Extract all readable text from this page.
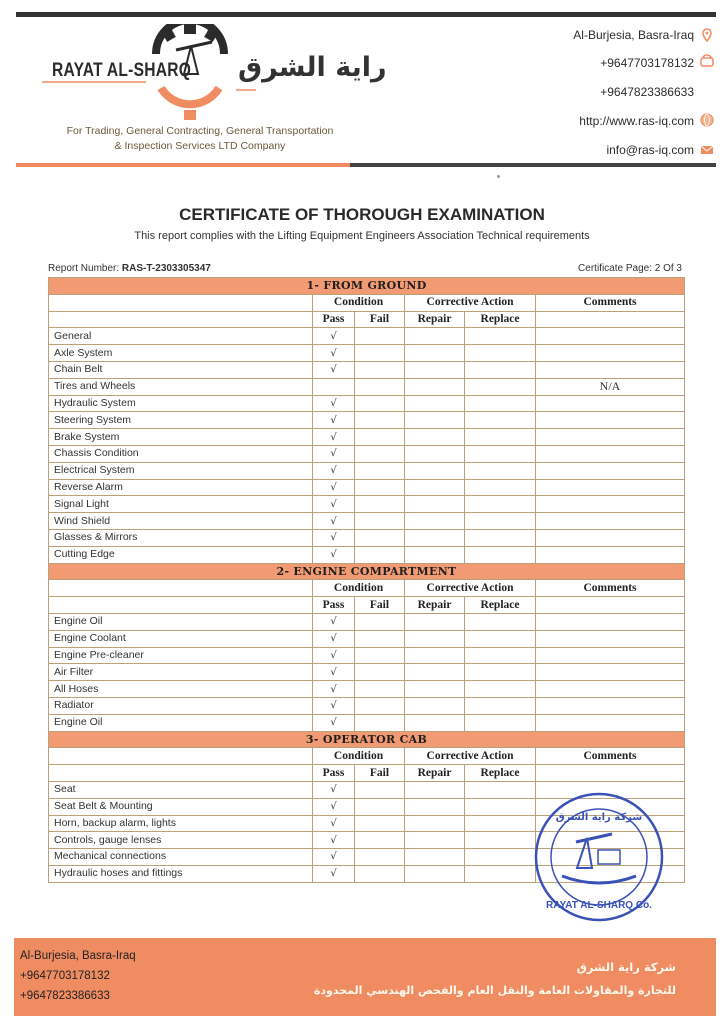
RAYAT AL-SHARQ راية الشرق
For Trading, General Contracting, General Transportation
& Inspection Services LTD Company
Al-Burjesia, Basra-Iraq
+9647703178132
+9647823386633
http://www.ras-iq.com
info@ras-iq.com
CERTIFICATE OF THOROUGH EXAMINATION
This report complies with the Lifting Equipment Engineers Association Technical requirements
Report Number: RAS-T-2303305347	Certificate Page: 2 Of 3
1- FROM GROUND					
	Condition		Corrective Action		Comments
	Pass	Fail	Repair	Replace	
General	√				
Axle System	√				
Chain Belt	√				
Tires and Wheels					N/A
Hydraulic System	√				
Steering System	√				
Brake System	√				
Chassis Condition	√				
Electrical System	√				
Reverse Alarm	√				
Signal Light	√				
Wind Shield	√				
Glasses & Mirrors	√				
Cutting Edge	√				
2- ENGINE COMPARTMENT					
	Condition		Corrective Action		Comments
	Pass	Fail	Repair	Replace	
Engine Oil	√				
Engine Coolant	√				
Engine Pre-cleaner	√				
Air Filter	√				
All Hoses	√				
Radiator	√				
Engine Oil	√				
3- OPERATOR CAB					
	Condition		Corrective Action		Comments
	Pass	Fail	Repair	Replace	
Seat	√				
Seat Belt & Mounting	√				
Horn, backup alarm, lights	√				
Controls, gauge lenses	√				
Mechanical connections	√				
Hydraulic hoses and fittings	√				
شركة راية الشرق
RAYAT AL-SHARQ Co.
Al-Burjesia, Basra-Iraq
+9647703178132
+9647823386633
شركة راية الشرق
للتجارة والمقاولات العامة والنقل العام والفحص الهندسي المحدودة
